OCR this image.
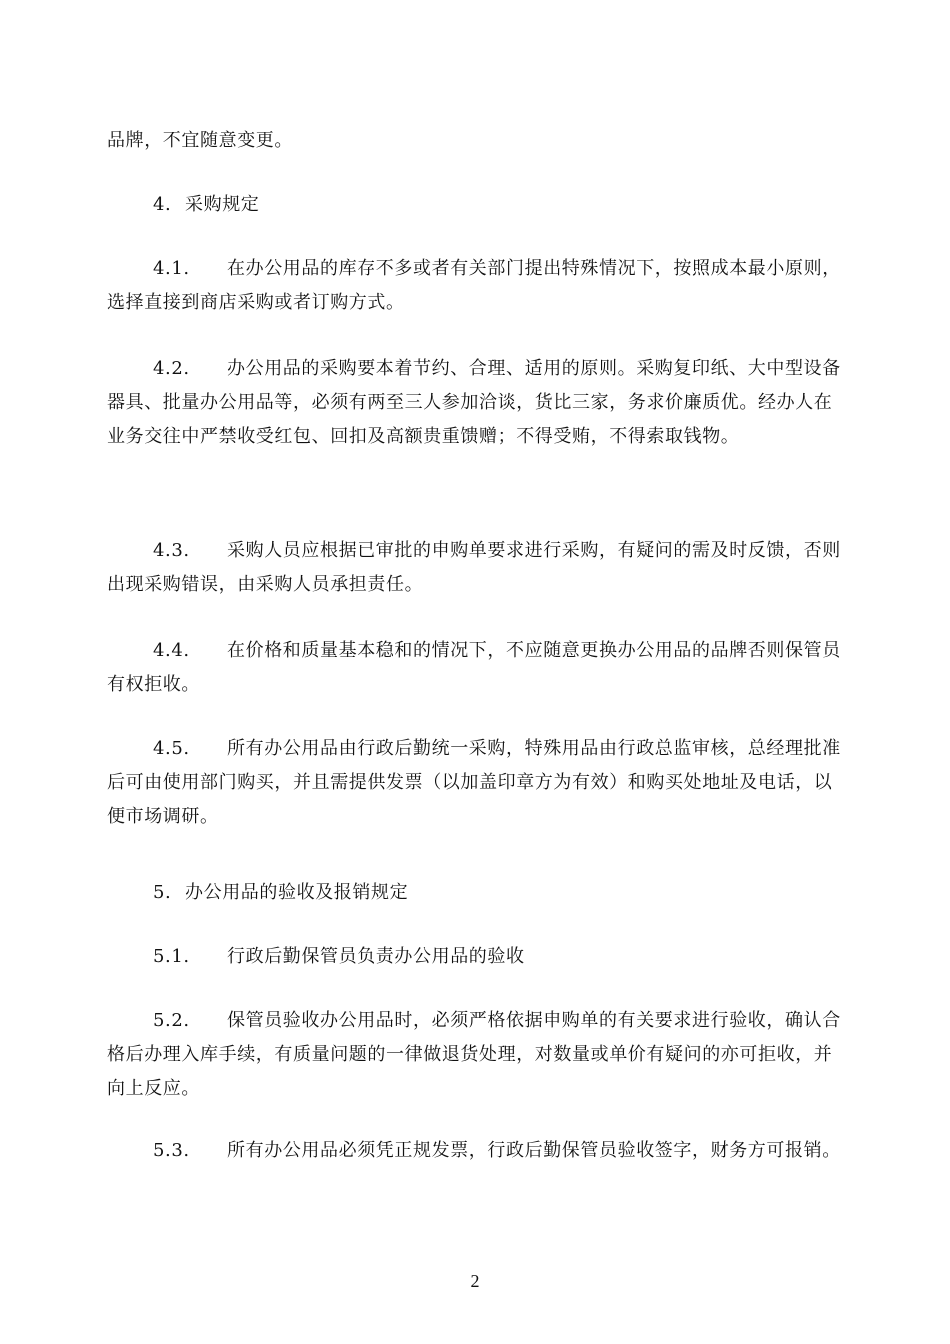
品牌，不宜随意变更。

4. 采购规定

4.1. 在办公用品的库存不多或者有关部门提出特殊情况下，按照成本最小原则，选择直接到商店采购或者订购方式。

4.2. 办公用品的采购要本着节约、合理、适用的原则。采购复印纸、大中型设备器具、批量办公用品等，必须有两至三人参加洽谈，货比三家，务求价廉质优。经办人在业务交往中严禁收受红包、回扣及高额贵重馈赠；不得受贿，不得索取钱物。

4.3. 采购人员应根据已审批的申购单要求进行采购，有疑问的需及时反馈，否则出现采购错误，由采购人员承担责任。

4.4. 在价格和质量基本稳和的情况下，不应随意更换办公用品的品牌否则保管员有权拒收。

4.5. 所有办公用品由行政后勤统一采购，特殊用品由行政总监审核，总经理批准后可由使用部门购买，并且需提供发票（以加盖印章方为有效）和购买处地址及电话，以便市场调研。

5. 办公用品的验收及报销规定

5.1. 行政后勤保管员负责办公用品的验收

5.2. 保管员验收办公用品时，必须严格依据申购单的有关要求进行验收，确认合格后办理入库手续，有质量问题的一律做退货处理，对数量或单价有疑问的亦可拒收，并向上反应。

5.3. 所有办公用品必须凭正规发票，行政后勤保管员验收签字，财务方可报销。

2
